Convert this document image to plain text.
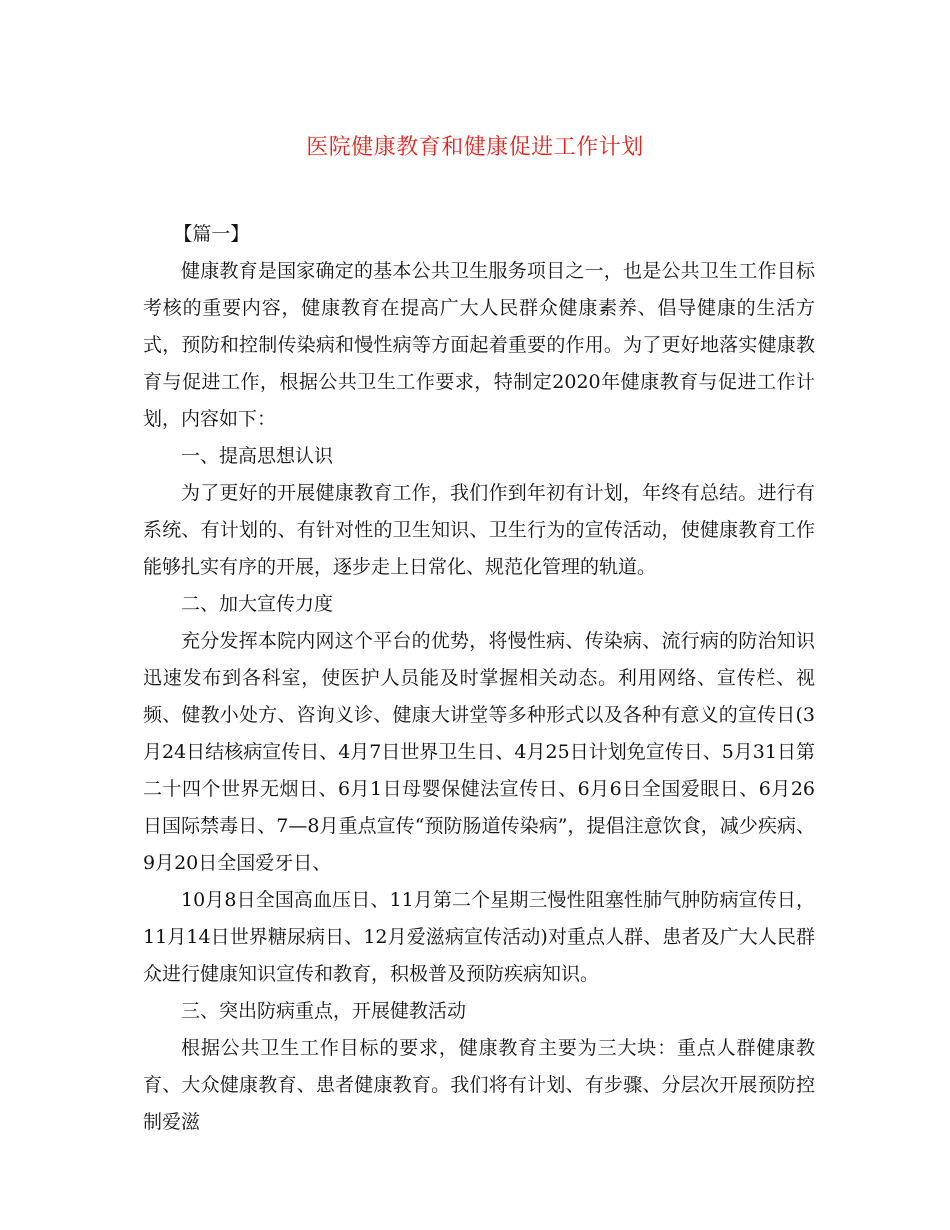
医院健康教育和健康促进工作计划

【篇一】

健康教育是国家确定的基本公共卫生服务项目之一，也是公共卫生工作目标考核的重要内容，健康教育在提高广大人民群众健康素养、倡导健康的生活方式，预防和控制传染病和慢性病等方面起着重要的作用。为了更好地落实健康教育与促进工作，根据公共卫生工作要求，特制定2020年健康教育与促进工作计划，内容如下：

一、提高思想认识

为了更好的开展健康教育工作，我们作到年初有计划，年终有总结。进行有系统、有计划的、有针对性的卫生知识、卫生行为的宣传活动，使健康教育工作能够扎实有序的开展，逐步走上日常化、规范化管理的轨道。

二、加大宣传力度

充分发挥本院内网这个平台的优势，将慢性病、传染病、流行病的防治知识迅速发布到各科室，使医护人员能及时掌握相关动态。利用网络、宣传栏、视频、健教小处方、咨询义诊、健康大讲堂等多种形式以及各种有意义的宣传日(3月24日结核病宣传日、4月7日世界卫生日、4月25日计划免宣传日、5月31日第二十四个世界无烟日、6月1日母婴保健法宣传日、6月6日全国爱眼日、6月26日国际禁毒日、7—8月重点宣传“预防肠道传染病”，提倡注意饮食，减少疾病、9月20日全国爱牙日、

10月8日全国高血压日、11月第二个星期三慢性阻塞性肺气肿防病宣传日，11月14日世界糖尿病日、12月爱滋病宣传活动)对重点人群、患者及广大人民群众进行健康知识宣传和教育，积极普及预防疾病知识。

三、突出防病重点，开展健教活动

根据公共卫生工作目标的要求，健康教育主要为三大块：重点人群健康教育、大众健康教育、患者健康教育。我们将有计划、有步骤、分层次开展预防控制爱滋
